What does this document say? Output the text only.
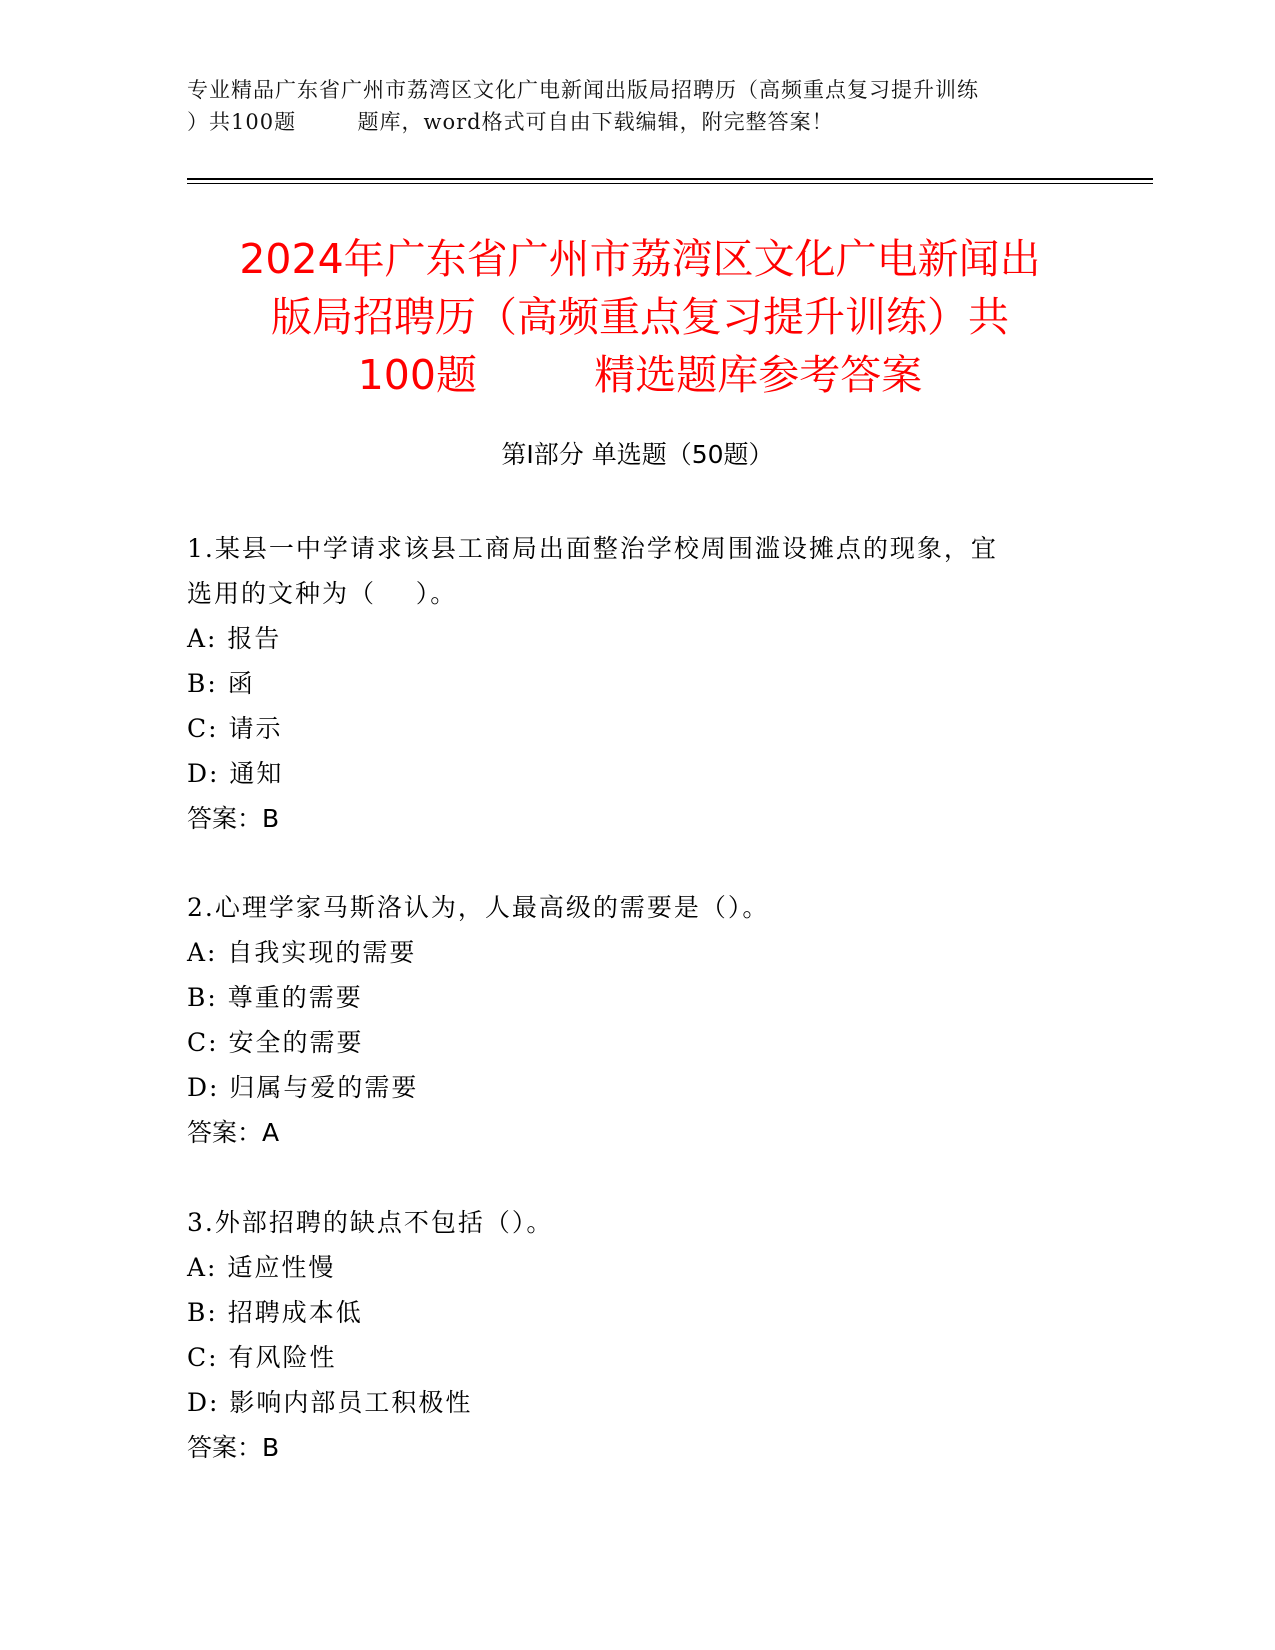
专业精品广东省广州市荔湾区文化广电新闻出版局招聘历（高频重点复习提升训练
）共100题        题库，word格式可自由下载编辑，附完整答案！
2024年广东省广州市荔湾区文化广电新闻出
版局招聘历（高频重点复习提升训练）共
100题         精选题库参考答案
第Ⅰ部分 单选题（50题）
1.某县一中学请求该县工商局出面整治学校周围滥设摊点的现象，宜
选用的文种为（    ）。
A: 报告
B: 函
C: 请示
D: 通知
答案：B
2.心理学家马斯洛认为，人最高级的需要是（）。
A: 自我实现的需要
B: 尊重的需要
C: 安全的需要
D: 归属与爱的需要
答案：A
3.外部招聘的缺点不包括（）。
A: 适应性慢
B: 招聘成本低
C: 有风险性
D: 影响内部员工积极性
答案：B
